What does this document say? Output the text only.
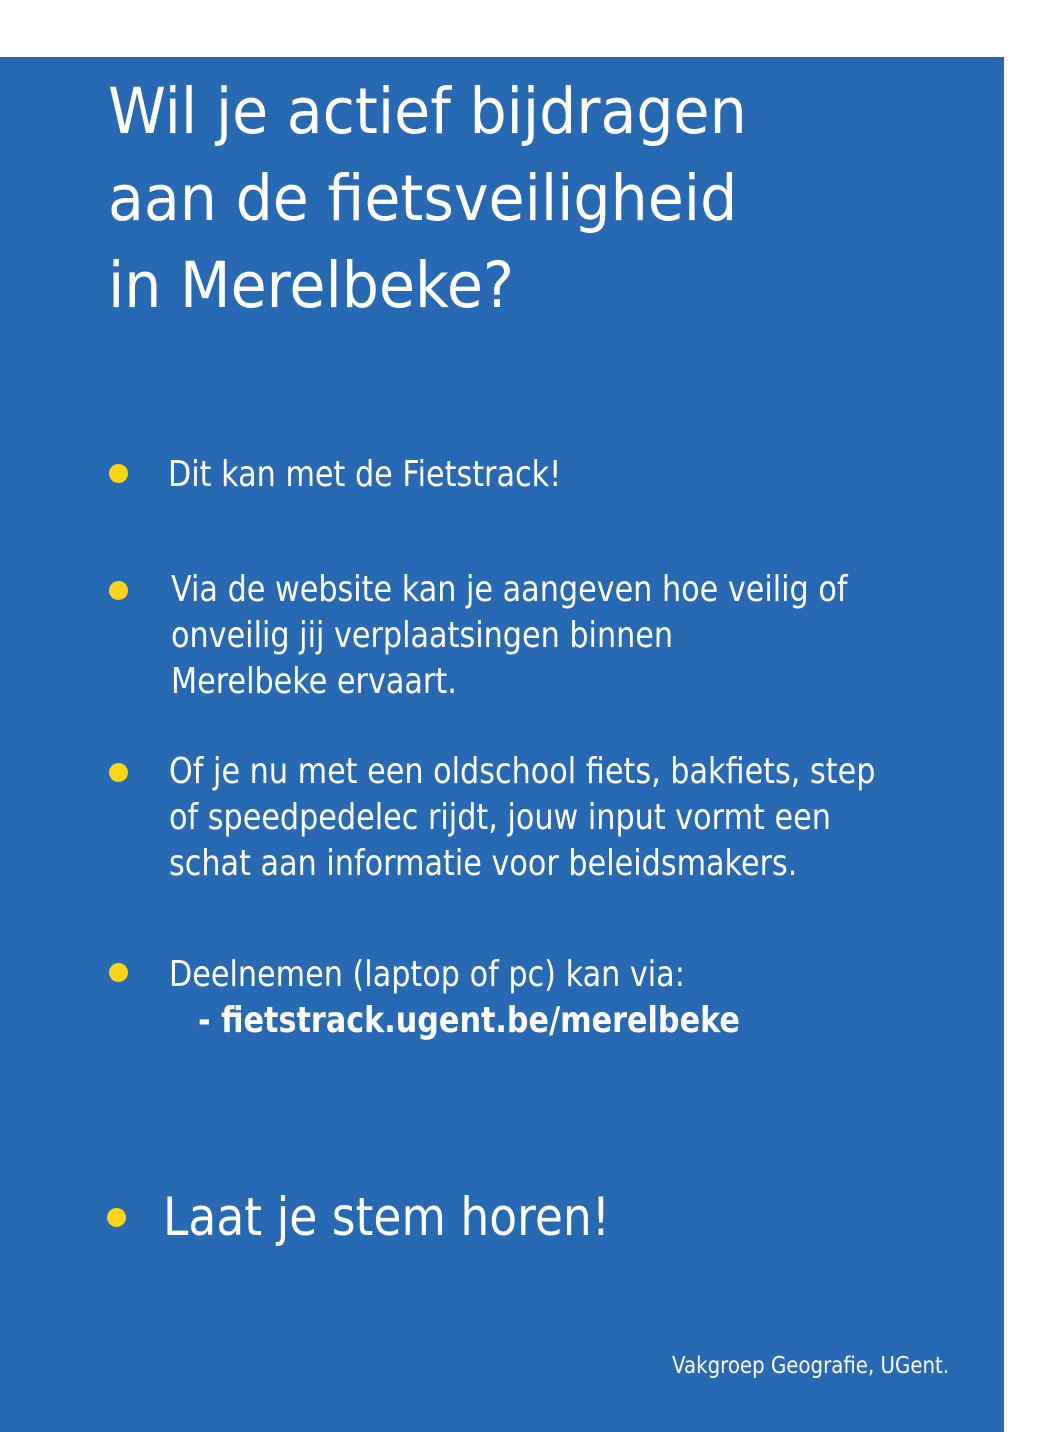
Wil je actief bijdragen
aan de fietsveiligheid
in Merelbeke?
Dit kan met de Fietstrack!
Via de website kan je aangeven hoe veilig of
onveilig jij verplaatsingen binnen
Merelbeke ervaart.
Of je nu met een oldschool fiets, bakfiets, step
of speedpedelec rijdt, jouw input vormt een
schat aan informatie voor beleidsmakers.
Deelnemen (laptop of pc) kan via:
- fietstrack.ugent.be/merelbeke
Laat je stem horen!
Vakgroep Geografie, UGent.
